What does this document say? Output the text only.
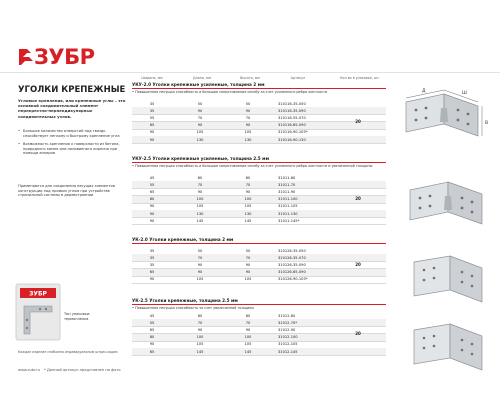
ЗУБР
УГОЛКИ КРЕПЕЖНЫЕ
Угловые крепления, или крепежные углы – это основной соединительный элемент перекрестно-перпендикулярных соединительных узлов.
• Большое количество отверстий под гвоздь способствует легкому и быстрому крепление угла
• Возможность крепления к поверхности из бетона, природного камня или половинного кирпича при помощи анкеров
Применяются для соединения несущих элементов конструкции под прямым углом при устройстве стропильной системы в деревстроении
ЗУБР
Тип упаковки: термопленка
Каждое изделие снабжено индивидуальным штрих-кодом
www.zubr.ru * Данный артикул представлен на фото
Ширина, мм	Длина, мм	Высота, мм	Артикул	Кол-во в упаковке, шт.
УКУ-2.0 Уголки крепежные усиленные, толщина 2 мм
• Повышенная несущая способность и большое сопротивление изгибу за счет усиленного ребра жесткости
35	50	50	310116-35-050
35	90	90	310116-35-090
55	70	70	310116-55-070
65	90	90	310116-65-090
90	105	105	310116-90-105*
90	130	130	310116-90-130
20
УКУ-2.5 Уголки крепежные усиленные, толщина 2.5 мм
• Повышенная несущая способность и большое сопротивление изгибу за счет усиленного ребра жесткости и увеличенной толщины
45	60	60	31011-60
55	70	70	31011-70
65	90	90	31011-90
80	100	100	31011-100
90	105	105	31011-105
90	130	130	31011-130
90	145	145	31011-145*
20
УК-2.0 Уголки крепежные, толщина 2 мм
35	50	50	310126-35-050
35	70	70	310126-35-070
35	90	90	310126-35-090
65	90	90	310126-65-090
90	105	105	310126-90-105*
20
УК-2.5 Уголки крепежные, толщина 2.5 мм
• Повышенная несущая способность за счет увеличенной толщины
45	60	60	31012-60
55	70	70	31012-70*
65	90	90	31012-90
80	100	100	31012-100
90	105	105	31012-105
65	145	145	31012-145
20
Д	Ш
В
